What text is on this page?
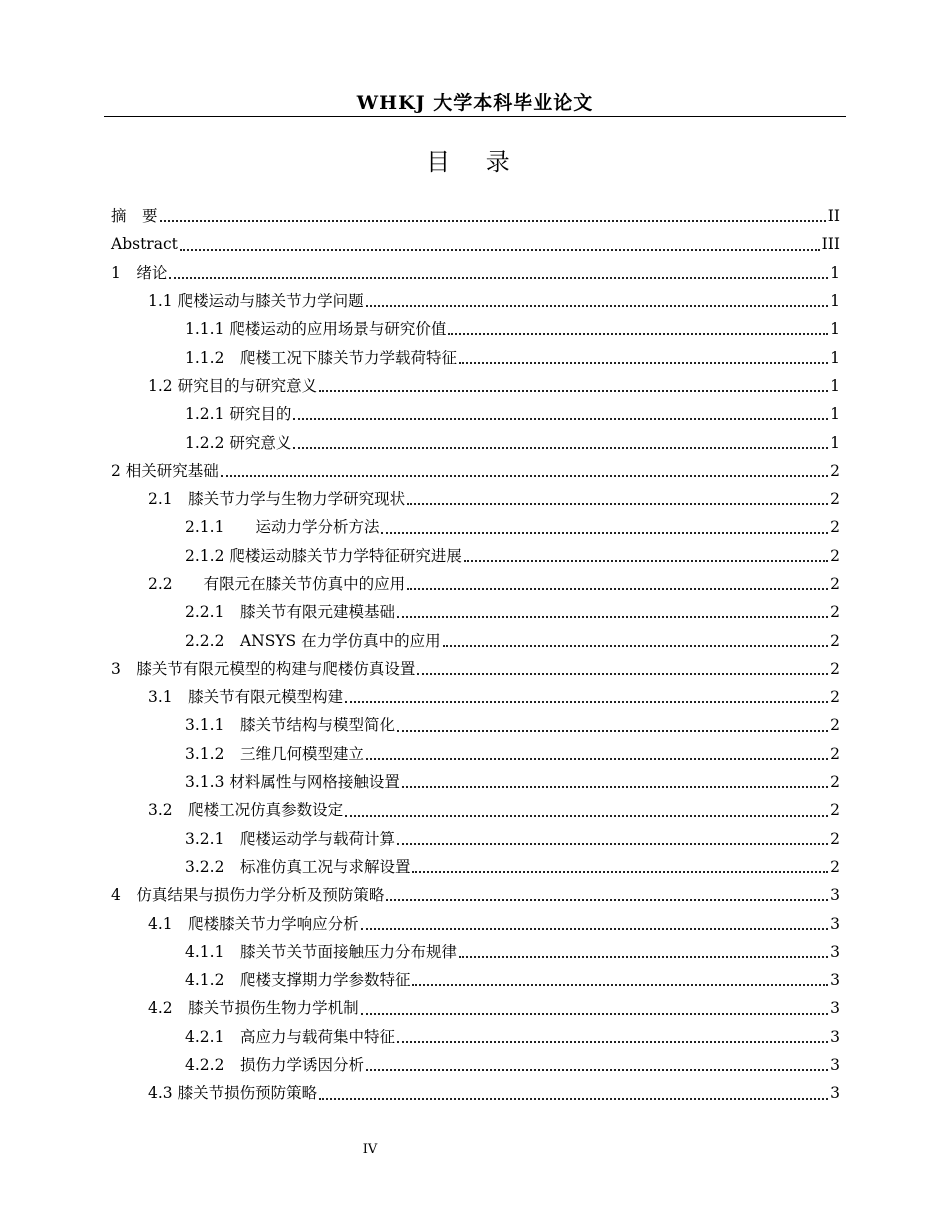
WHKJ 大学本科毕业论文
目 录
摘　要	II
Abstract	III
1　 绪论	1
1.1 爬楼运动与膝关节力学问题	1
1.1.1 爬楼运动的应用场景与研究价值	1
1.1.2　 爬楼工况下膝关节力学载荷特征	1
1.2 研究目的与研究意义	1
1.2.1 研究目的	1
1.2.2 研究意义	1
2 相关研究基础	2
2.1　 膝关节力学与生物力学研究现状	2
2.1.1　　 运动力学分析方法	2
2.1.2 爬楼运动膝关节力学特征研究进展	2
2.2　　 有限元在膝关节仿真中的应用	2
2.2.1　 膝关节有限元建模基础	2
2.2.2　 ANSYS 在力学仿真中的应用	2
3　 膝关节有限元模型的构建与爬楼仿真设置	2
3.1　 膝关节有限元模型构建	2
3.1.1　 膝关节结构与模型简化	2
3.1.2　 三维几何模型建立	2
3.1.3 材料属性与网格接触设置	2
3.2　 爬楼工况仿真参数设定	2
3.2.1　 爬楼运动学与载荷计算	2
3.2.2　 标准仿真工况与求解设置	2
4　 仿真结果与损伤力学分析及预防策略	3
4.1　 爬楼膝关节力学响应分析	3
4.1.1　 膝关节关节面接触压力分布规律	3
4.1.2　 爬楼支撑期力学参数特征	3
4.2　 膝关节损伤生物力学机制	3
4.2.1　 高应力与载荷集中特征	3
4.2.2　 损伤力学诱因分析	3
4.3 膝关节损伤预防策略	3
IV
